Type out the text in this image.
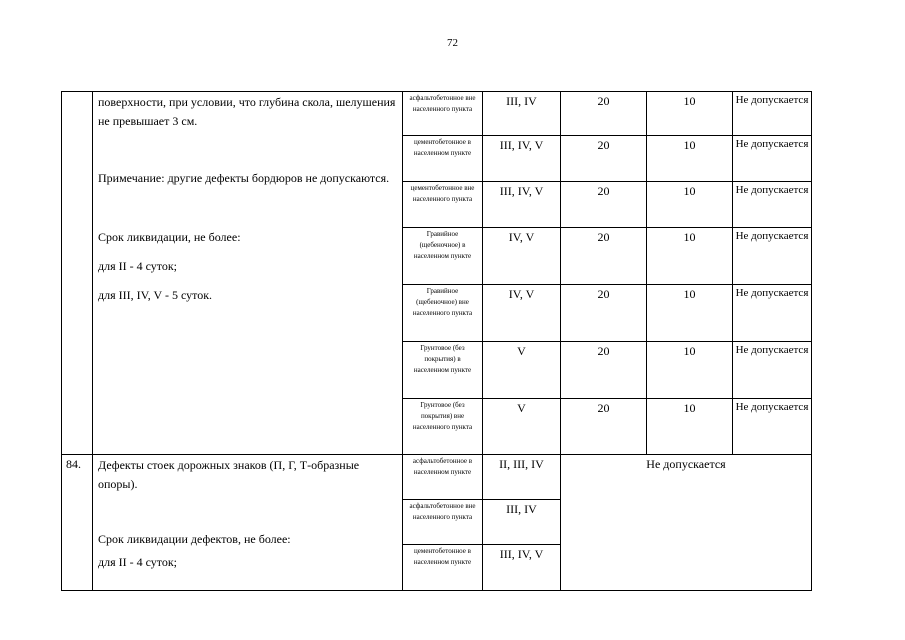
72

	поверхности, при условии, что глубина скола, шелушения не превышает 3 см.

Примечание: другие дефекты бордюров не допускаются.

Срок ликвидации, не более:

для II - 4 суток;

для III, IV, V - 5 суток.	асфальтобетонное вне населенного пункта	III, IV	20	10	Не допускается
		цементобетонное в населенном пункте	III, IV, V	20	10	Не допускается
		цементобетонное вне населенного пункта	III, IV, V	20	10	Не допускается
		Гравийное (щебеночное) в населенном пункте	IV, V	20	10	Не допускается
		Гравийное (щебеночное) вне населенного пункта	IV, V	20	10	Не допускается
		Грунтовое (без покрытия) в населенном пункте	V	20	10	Не допускается
		Грунтовое (без покрытия) вне населенного пункта	V	20	10	Не допускается
84.	Дефекты стоек дорожных знаков (П, Г, Т-образные опоры).

Срок ликвидации дефектов, не более:

для II - 4 суток;	асфальтобетонное в населенном пункте	II, III, IV	Не допускается		
		асфальтобетонное вне населенного пункта	III, IV			
		цементобетонное в населенном пункте	III, IV, V			
